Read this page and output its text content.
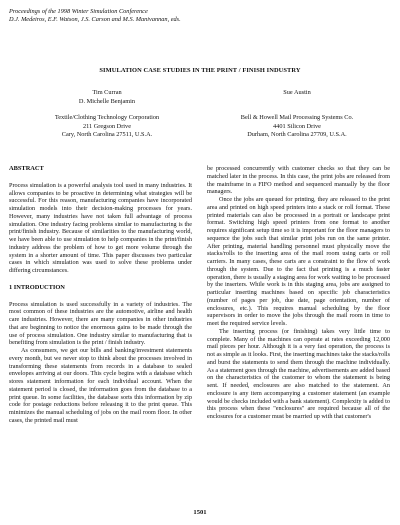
Proceedings of the 1998 Winter Simulation Conference
D.J. Medeiros, E.F. Watson, J.S. Carson and M.S. Manivannan, eds.
SIMULATION CASE STUDIES IN THE PRINT / FINISH INDUSTRY
Tim Curran
D. Michelle Benjamin
Textile/Clothing Technology Corporation
211 Gregson Drive
Cary, North Carolina 27511, U.S.A.
Sue Austin
Bell & Howell Mail Processing Systems Co.
4401 Silicon Drive
Durham, North Carolina 27709, U.S.A.
ABSTRACT

Process simulation is a powerful analysis tool used in many industries. It allows companies to be proactive in determining what strategies will be successful. For this reason, manufacturing companies have incorporated simulation models into their decision-making processes for years. However, many industries have not taken full advantage of process simulation. One industry facing problems similar to manufacturing is the print/finish industry. Because of similarities to the manufacturing world, we have been able to use simulation to help companies in the print/finish industry address the problem of how to get more volume through the system in a shorter amount of time. This paper discusses two particular cases in which simulation was used to solve these problems under differing circumstances.

1 INTRODUCTION

Process simulation is used successfully in a variety of industries. The most common of these industries are the automotive, airline and health care industries. However, there are many companies in other industries that are beginning to notice the enormous gains to be made through the use of process simulation. One industry similar to manufacturing that is benefiting from simulation is the print / finish industry.

As consumers, we get our bills and banking/investment statements every month, but we never stop to think about the processes involved in transforming these statements from records in a database to sealed envelopes arriving at our doors. This cycle begins with a database which stores statement information for each individual account. When the statement period is closed, the information goes from the database to a print queue. In some facilities, the database sorts this information by zip code for postage reductions before releasing it to the print queue. This minimizes the manual scheduling of jobs on the mail room floor. In other cases, the printed mail must

be processed concurrently with customer checks so that they can be matched later in the process. In this case, the print jobs are released from the mainframe in a FIFO method and sequenced manually by the floor managers.

Once the jobs are queued for printing, they are released to the print area and printed on high speed printers into a stack or roll format. These printed materials can also be processed in a portrait or landscape print format. Switching high speed printers from one format to another requires significant setup time so it is important for the floor managers to sequence the jobs such that similar print jobs run on the same printer. After printing, material handling personnel must physically move the stacks/rolls to the inserting area of the mail room using carts or roll carriers. In many cases, these carts are a constraint to the flow of work through the system. Due to the fact that printing is a much faster operation, there is usually a staging area for work waiting to be processed by the inserters. While work is in this staging area, jobs are assigned to particular inserting machines based on specific job characteristics (number of pages per job, due date, page orientation, number of enclosures, etc.). This requires manual scheduling by the floor supervisors in order to move the jobs through the mail room in time to meet the required service levels.

The inserting process (or finishing) takes very little time to complete. Many of the machines can operate at rates exceeding 12,000 mail pieces per hour. Although it is a very fast operation, the process is not as simple as it looks. First, the inserting machines take the stacks/rolls and burst the statements to send them through the machine individually. As a statement goes through the machine, advertisements are added based on the characteristics of the customer to whom the statement is being sent. If needed, enclosures are also matched to the statement. An enclosure is any item accompanying a customer statement (an example would be checks included with a bank statement). Complexity is added to this process when these "enclosures" are required because all of the enclosures for a customer must be married up with that customer's

1501
